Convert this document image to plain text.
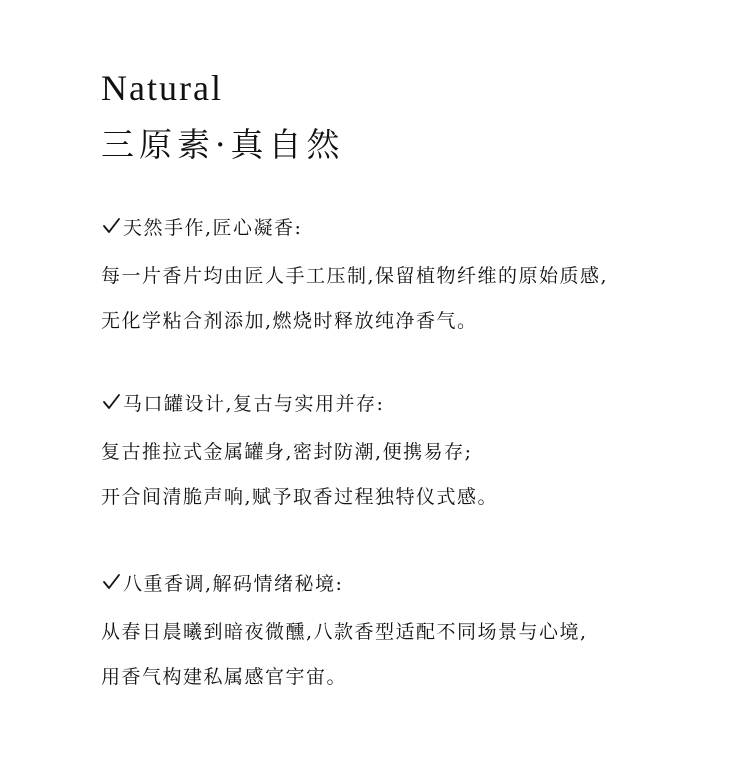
Natural
三原素·真自然
天然手作,匠心凝香:
每一片香片均由匠人手工压制,保留植物纤维的原始质感,
无化学粘合剂添加,燃烧时释放纯净香气。
马口罐设计,复古与实用并存:
复古推拉式金属罐身,密封防潮,便携易存;
开合间清脆声响,赋予取香过程独特仪式感。
八重香调,解码情绪秘境:
从春日晨曦到暗夜微醺,八款香型适配不同场景与心境,
用香气构建私属感官宇宙。
